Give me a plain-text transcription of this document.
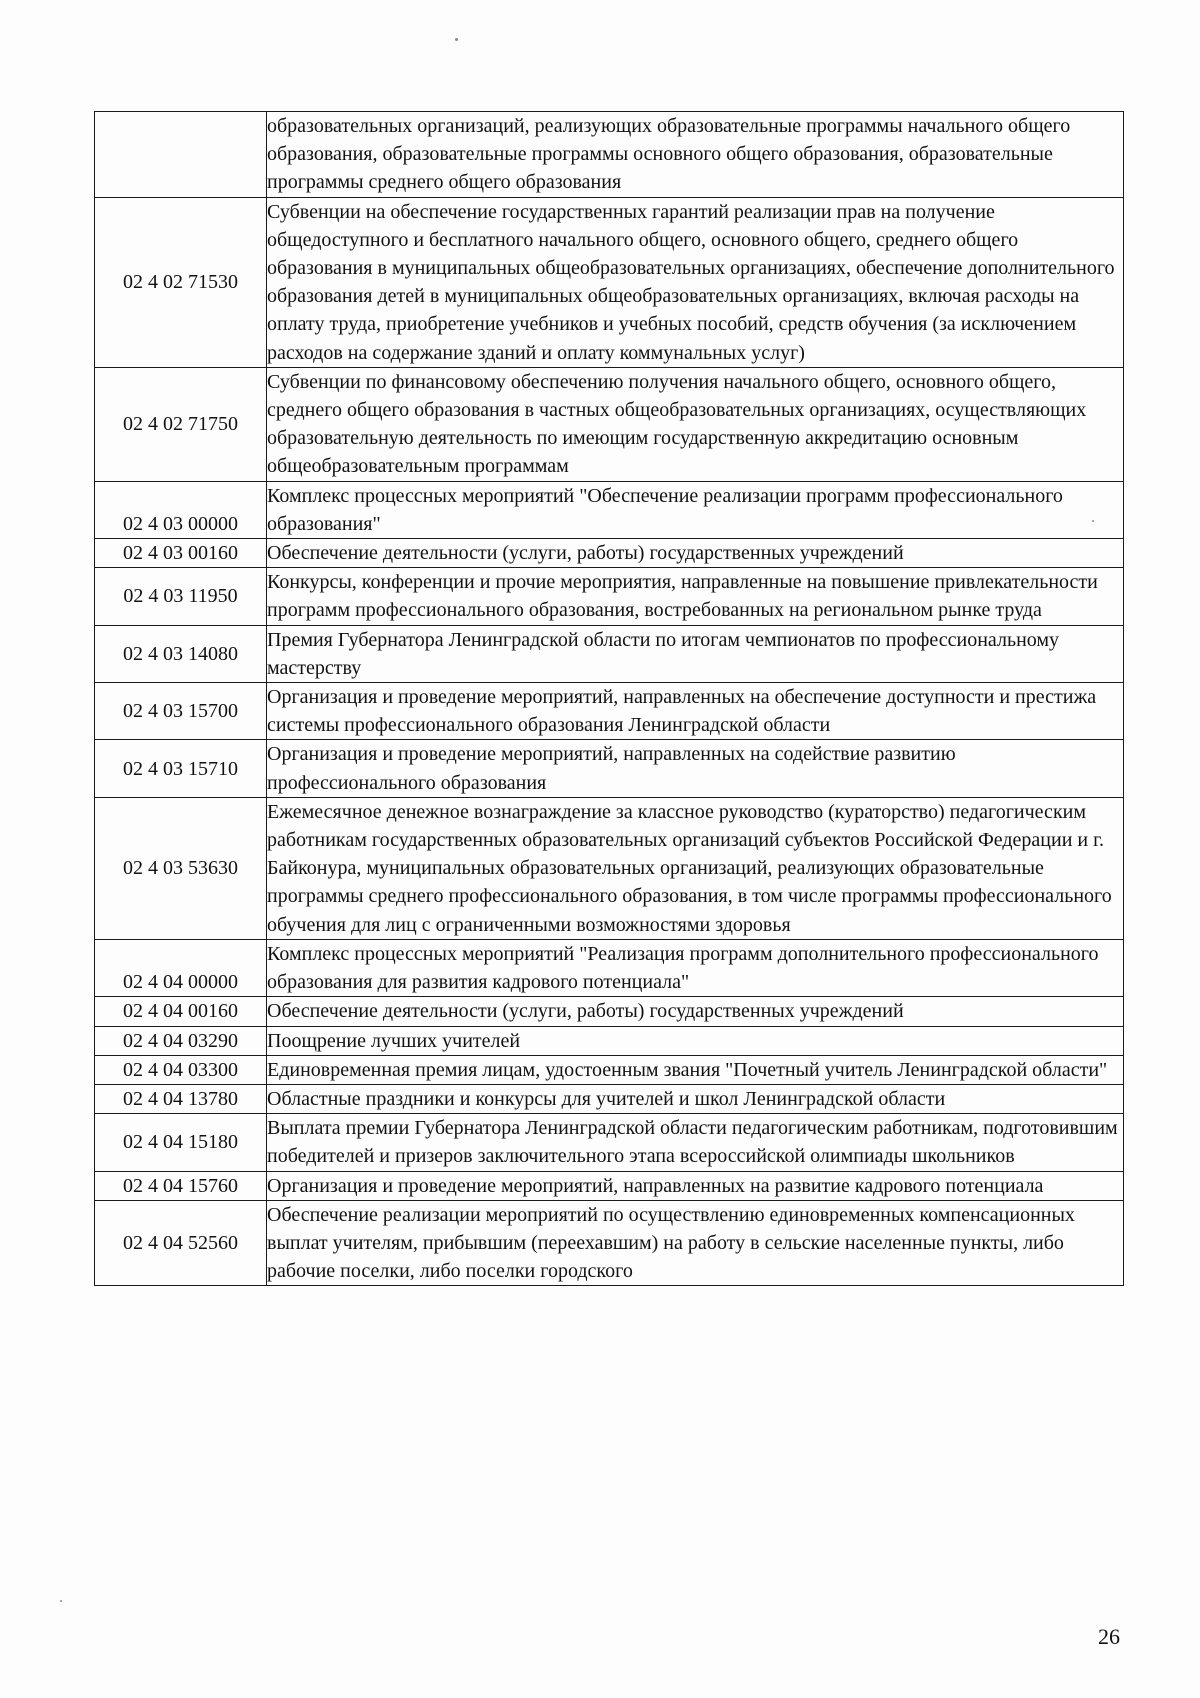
	образовательных организаций, реализующих образовательные программы начального общего образования, образовательные программы основного общего образования, образовательные программы среднего общего образования
02 4 02 71530	Субвенции на обеспечение государственных гарантий реализации прав на получение общедоступного и бесплатного начального общего, основного общего, среднего общего образования в муниципальных общеобразовательных организациях, обеспечение дополнительного образования детей в муниципальных общеобразовательных организациях, включая расходы на оплату труда, приобретение учебников и учебных пособий, средств обучения (за исключением расходов на содержание зданий и оплату коммунальных услуг)
02 4 02 71750	Субвенции по финансовому обеспечению получения начального общего, основного общего, среднего общего образования в частных общеобразовательных организациях, осуществляющих образовательную деятельность по имеющим государственную аккредитацию основным общеобразовательным программам
02 4 03 00000	Комплекс процессных мероприятий "Обеспечение реализации программ профессионального образования"
02 4 03 00160	Обеспечение деятельности (услуги, работы) государственных учреждений
02 4 03 11950	Конкурсы, конференции и прочие мероприятия, направленные на повышение привлекательности программ профессионального образования, востребованных на региональном рынке труда
02 4 03 14080	Премия Губернатора Ленинградской области по итогам чемпионатов по профессиональному мастерству
02 4 03 15700	Организация и проведение мероприятий, направленных на обеспечение доступности и престижа системы профессионального образования Ленинградской области
02 4 03 15710	Организация и проведение мероприятий, направленных на содействие развитию профессионального образования
02 4 03 53630	Ежемесячное денежное вознаграждение за классное руководство (кураторство) педагогическим работникам государственных образовательных организаций субъектов Российской Федерации и г. Байконура, муниципальных образовательных организаций, реализующих образовательные программы среднего профессионального образования, в том числе программы профессионального обучения для лиц с ограниченными возможностями здоровья
02 4 04 00000	Комплекс процессных мероприятий "Реализация программ дополнительного профессионального образования для развития кадрового потенциала"
02 4 04 00160	Обеспечение деятельности (услуги, работы) государственных учреждений
02 4 04 03290	Поощрение лучших учителей
02 4 04 03300	Единовременная премия лицам, удостоенным звания "Почетный учитель Ленинградской области"
02 4 04 13780	Областные праздники и конкурсы для учителей и школ Ленинградской области
02 4 04 15180	Выплата премии Губернатора Ленинградской области педагогическим работникам, подготовившим победителей и призеров заключительного этапа всероссийской олимпиады школьников
02 4 04 15760	Организация и проведение мероприятий, направленных на развитие кадрового потенциала
02 4 04 52560	Обеспечение реализации мероприятий по осуществлению единовременных компенсационных выплат учителям, прибывшим (переехавшим) на работу в сельские населенные пункты, либо рабочие поселки, либо поселки городского
26
